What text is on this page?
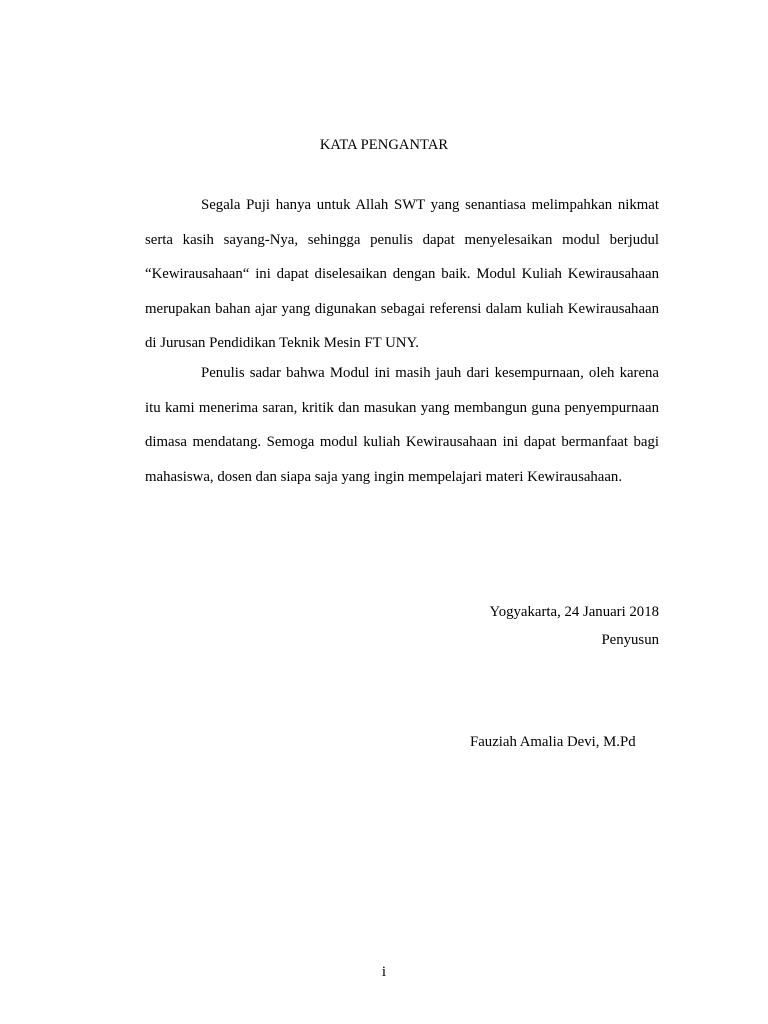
KATA PENGANTAR

Segala Puji hanya untuk Allah SWT yang senantiasa melimpahkan nikmat serta kasih sayang-Nya, sehingga penulis dapat menyelesaikan modul berjudul “Kewirausahaan“ ini dapat diselesaikan dengan baik. Modul Kuliah Kewirausahaan merupakan bahan ajar yang digunakan sebagai referensi dalam kuliah Kewirausahaan di Jurusan Pendidikan Teknik Mesin FT UNY.

Penulis sadar bahwa Modul ini masih jauh dari kesempurnaan, oleh karena itu kami menerima saran, kritik dan masukan yang membangun guna penyempurnaan dimasa mendatang. Semoga modul kuliah Kewirausahaan ini dapat bermanfaat bagi mahasiswa, dosen dan siapa saja yang ingin mempelajari materi Kewirausahaan.

Yogyakarta, 24 Januari 2018
Penyusun
Fauziah Amalia Devi, M.Pd
i
